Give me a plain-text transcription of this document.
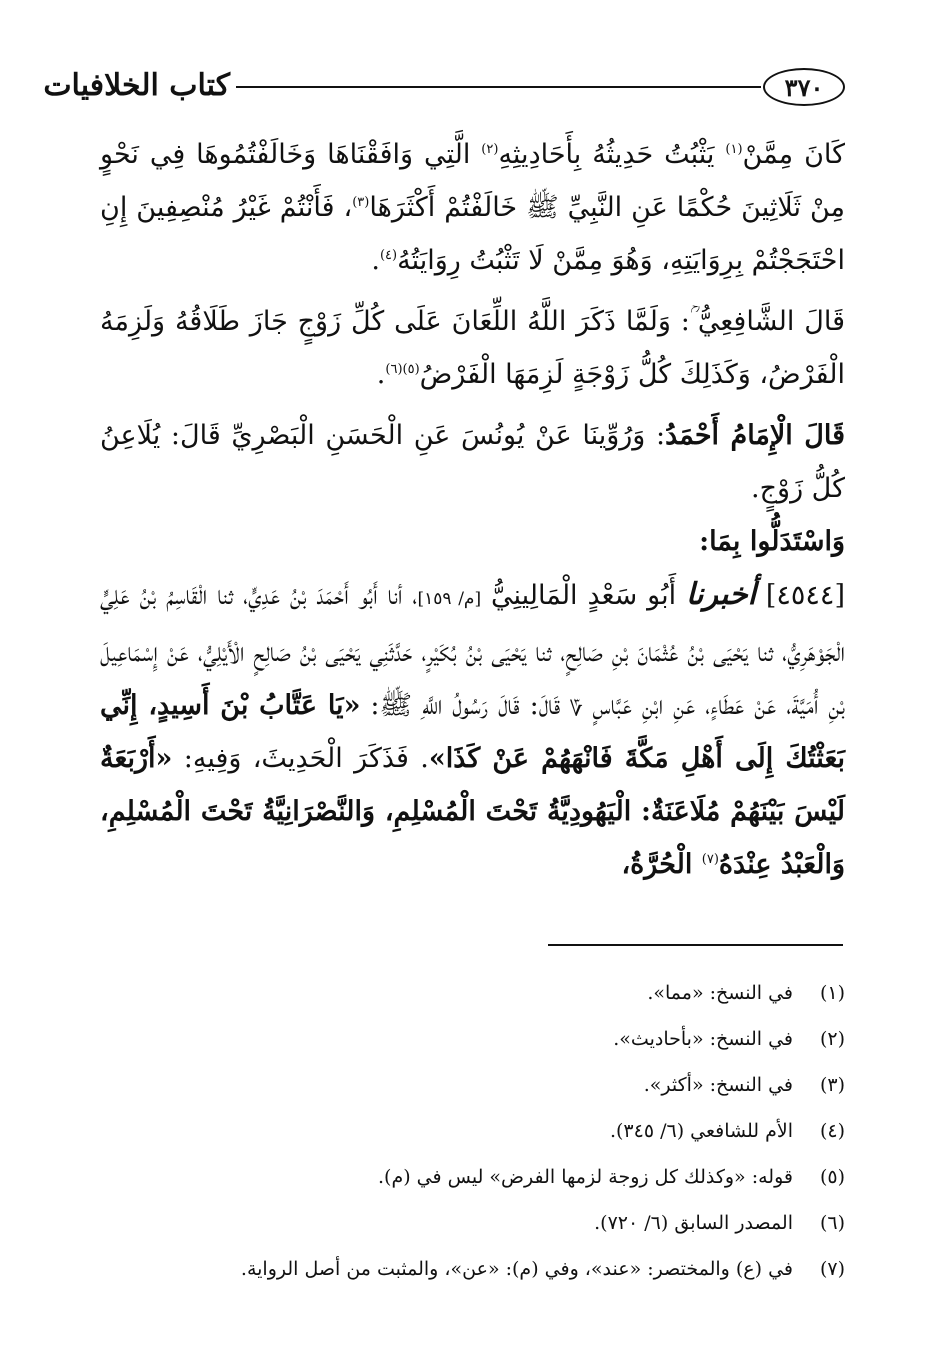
٣٧٠
كتاب الخلافيات

كَانَ مِمَّنْ$^{(١)}$ يَثْبُتُ حَدِيثُهُ بِأَحَادِيثِهِ$^{(٢)}$ الَّتِي وَافَقْنَاهَا وَخَالَفْتُمُوهَا فِي نَحْوٍ مِنْ ثَلَاثِينَ حُكْمًا عَنِ النَّبِيِّ ﷺ خَالَفْتُمْ أَكْثَرَهَا$^{(٣)}$، فَأَنْتُمْ غَيْرُ مُنْصِفِينَ إِنِ احْتَجَجْتُمْ بِرِوَايَتِهِ، وَهُوَ مِمَّنْ لَا تَثْبُتُ رِوَايَتُهُ$^{(٤)}$.

قَالَ الشَّافِعِيُّ ؒ: وَلَمَّا ذَكَرَ اللَّهُ اللِّعَانَ عَلَى كُلِّ زَوْجٍ جَازَ طَلَاقُهُ وَلَزِمَهُ الْفَرْضُ، وَكَذَلِكَ كُلُّ زَوْجَةٍ لَزِمَهَا الْفَرْضُ$^{(٥)(٦)}$.

قَالَ الْإِمَامُ أَحْمَدُ: وَرُوِّينَا عَنْ يُونُسَ عَنِ الْحَسَنِ الْبَصْرِيِّ قَالَ: يُلَاعِنُ كُلُّ زَوْجٍ.

وَاسْتَدَلُّوا بِمَا:

[٤٥٤٤] أخبرنا أَبُو سَعْدٍ الْمَالِينِيُّ [م/ ١٥٩]، أنا أَبُو أَحْمَدَ بْنُ عَدِيٍّ، ثنا الْقَاسِمُ بْنُ عَلِيٍّ الْجَوْهَرِيُّ، ثنا يَحْيَى بْنُ عُثْمَانَ بْنِ صَالِحٍ، ثنا يَحْيَى بْنُ بُكَيْرٍ، حَدَّثَنِي يَحْيَى بْنُ صَالِحٍ الْأَيْلِيُّ، عَنْ إِسْمَاعِيلَ بْنِ أُمَيَّةَ، عَنْ عَطَاءٍ، عَنِ ابْنِ عَبَّاسٍ ؆ قَالَ: قَالَ رَسُولُ اللَّهِ ﷺ: «يَا عَتَّابُ بْنَ أَسِيدٍ، إِنِّي بَعَثْتُكَ إِلَى أَهْلِ مَكَّةَ فَانْهَهُمْ عَنْ كَذَا». فَذَكَرَ الْحَدِيثَ، وَفِيهِ: «أَرْبَعَةٌ لَيْسَ بَيْنَهُمْ مُلَاعَنَةٌ: الْيَهُودِيَّةُ تَحْتَ الْمُسْلِمِ، وَالنَّصْرَانِيَّةُ تَحْتَ الْمُسْلِمِ، وَالْعَبْدُ عِنْدَهُ$^{(٧)}$ الْحُرَّةُ،

(١)
في النسخ: «مما».
(٢)
في النسخ: «بأحاديث».
(٣)
في النسخ: «أكثر».
(٤)
الأم للشافعي (٦/ ٣٤٥).
(٥)
قوله: «وكذلك كل زوجة لزمها الفرض» ليس في (م).
(٦)
المصدر السابق (٦/ ٧٢٠).
(٧)
في (ع) والمختصر: «عند»، وفي (م): «عن»، والمثبت من أصل الرواية.
